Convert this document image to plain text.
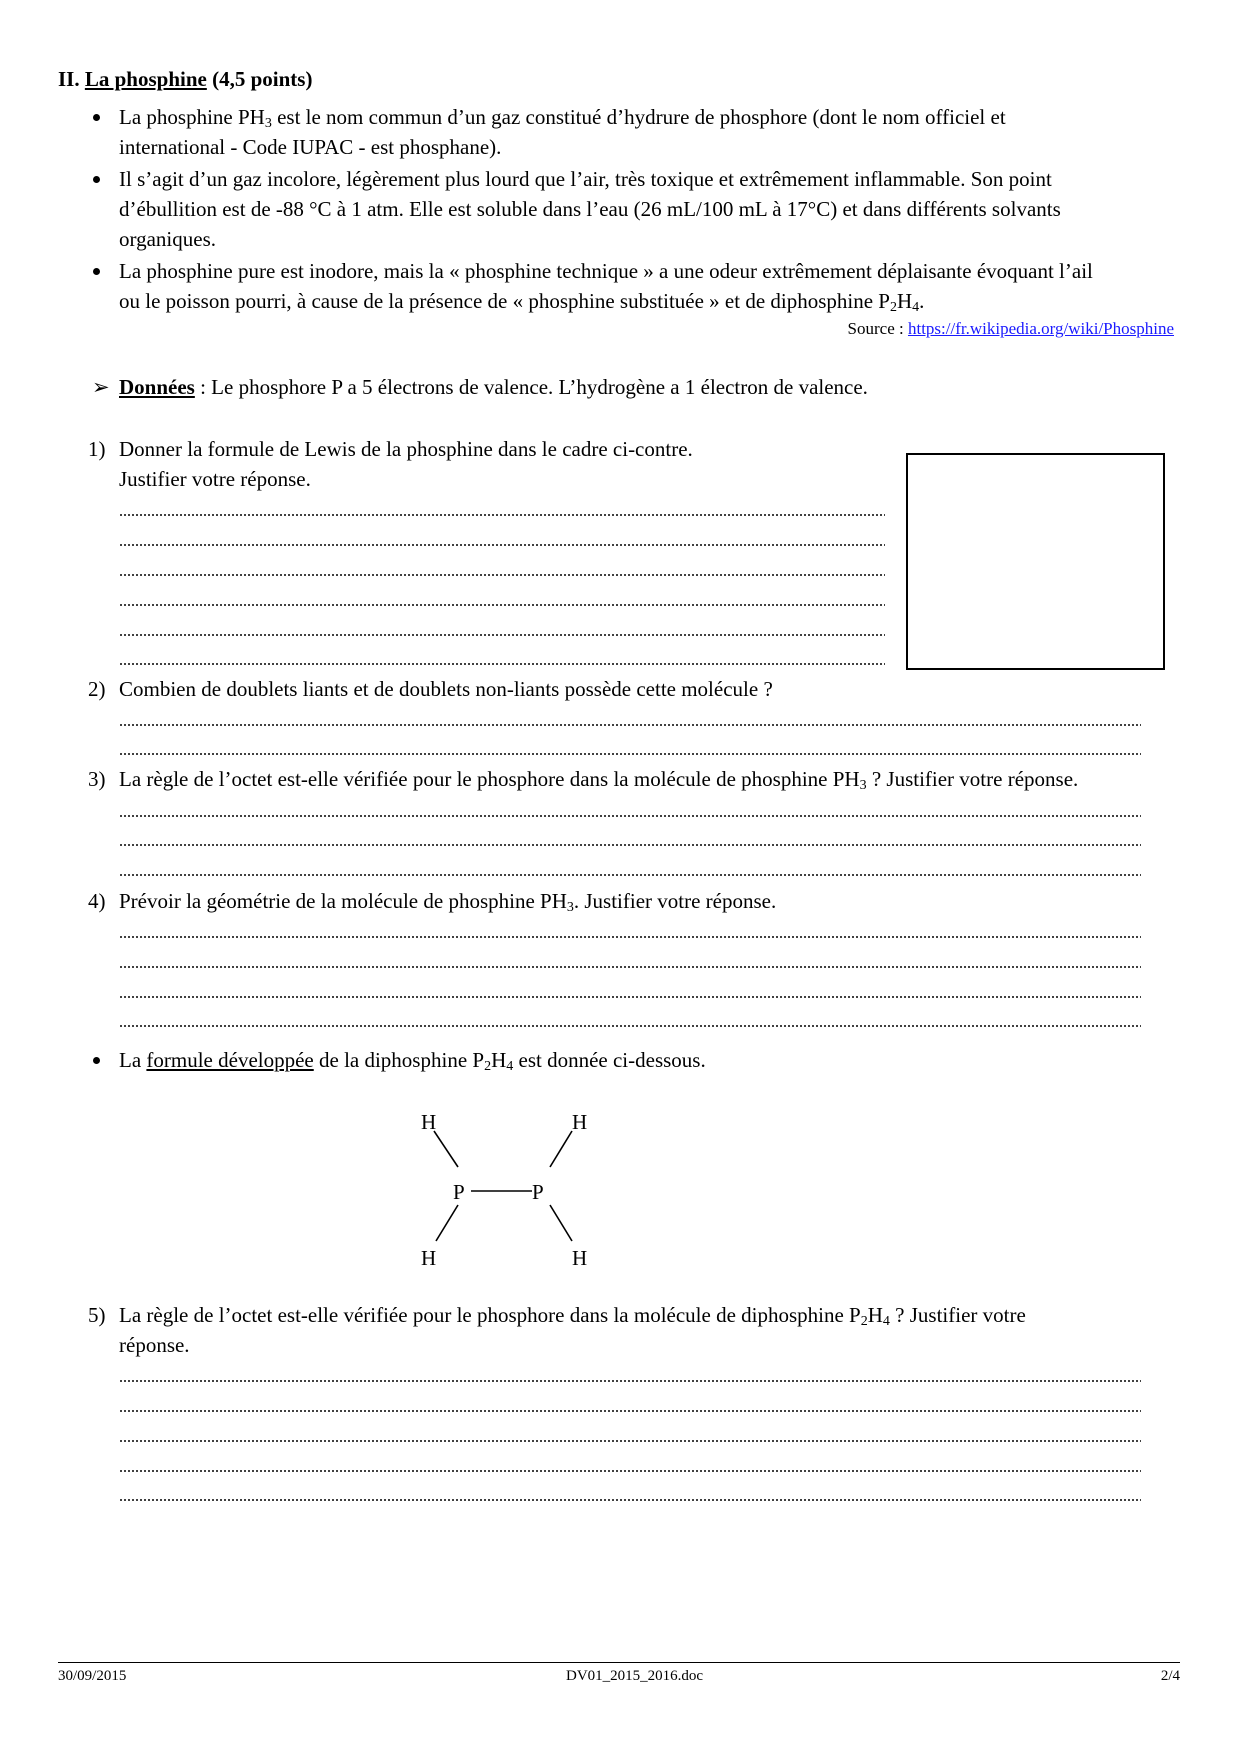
II. La phosphine (4,5 points)
La phosphine $PH_3$ est le nom commun d’un gaz constitué d’hydrure de phosphore (dont le nom officiel et
international - Code IUPAC - est phosphane).
Il s’agit d’un gaz incolore, légèrement plus lourd que l’air, très toxique et extrêmement inflammable. Son point
d’ébullition est de -88 °C à 1 atm. Elle est soluble dans l’eau (26 mL/100 mL à 17°C) et dans différents solvants
organiques.
La phosphine pure est inodore, mais la « phosphine technique » a une odeur extrêmement déplaisante évoquant l’ail
ou le poisson pourri, à cause de la présence de « phosphine substituée » et de diphosphine $P_2H_4$.
Source : https://fr.wikipedia.org/wiki/Phosphine
➢ Données : Le phosphore P a 5 électrons de valence. L’hydrogène a 1 électron de valence.
1) Donner la formule de Lewis de la phosphine dans le cadre ci-contre.
Justifier votre réponse.
2) Combien de doublets liants et de doublets non-liants possède cette molécule ?
3) La règle de l’octet est-elle vérifiée pour le phosphore dans la molécule de phosphine $PH_3$ ? Justifier votre réponse.
4) Prévoir la géométrie de la molécule de phosphine $PH_3$. Justifier votre réponse.
La formule développée de la diphosphine $P_2H_4$ est donnée ci-dessous.
H	H
P	P
H	H
5) La règle de l’octet est-elle vérifiée pour le phosphore dans la molécule de diphosphine $P_2H_4$ ? Justifier votre
réponse.
30/09/2015	DV01_2015_2016.doc	2/4
